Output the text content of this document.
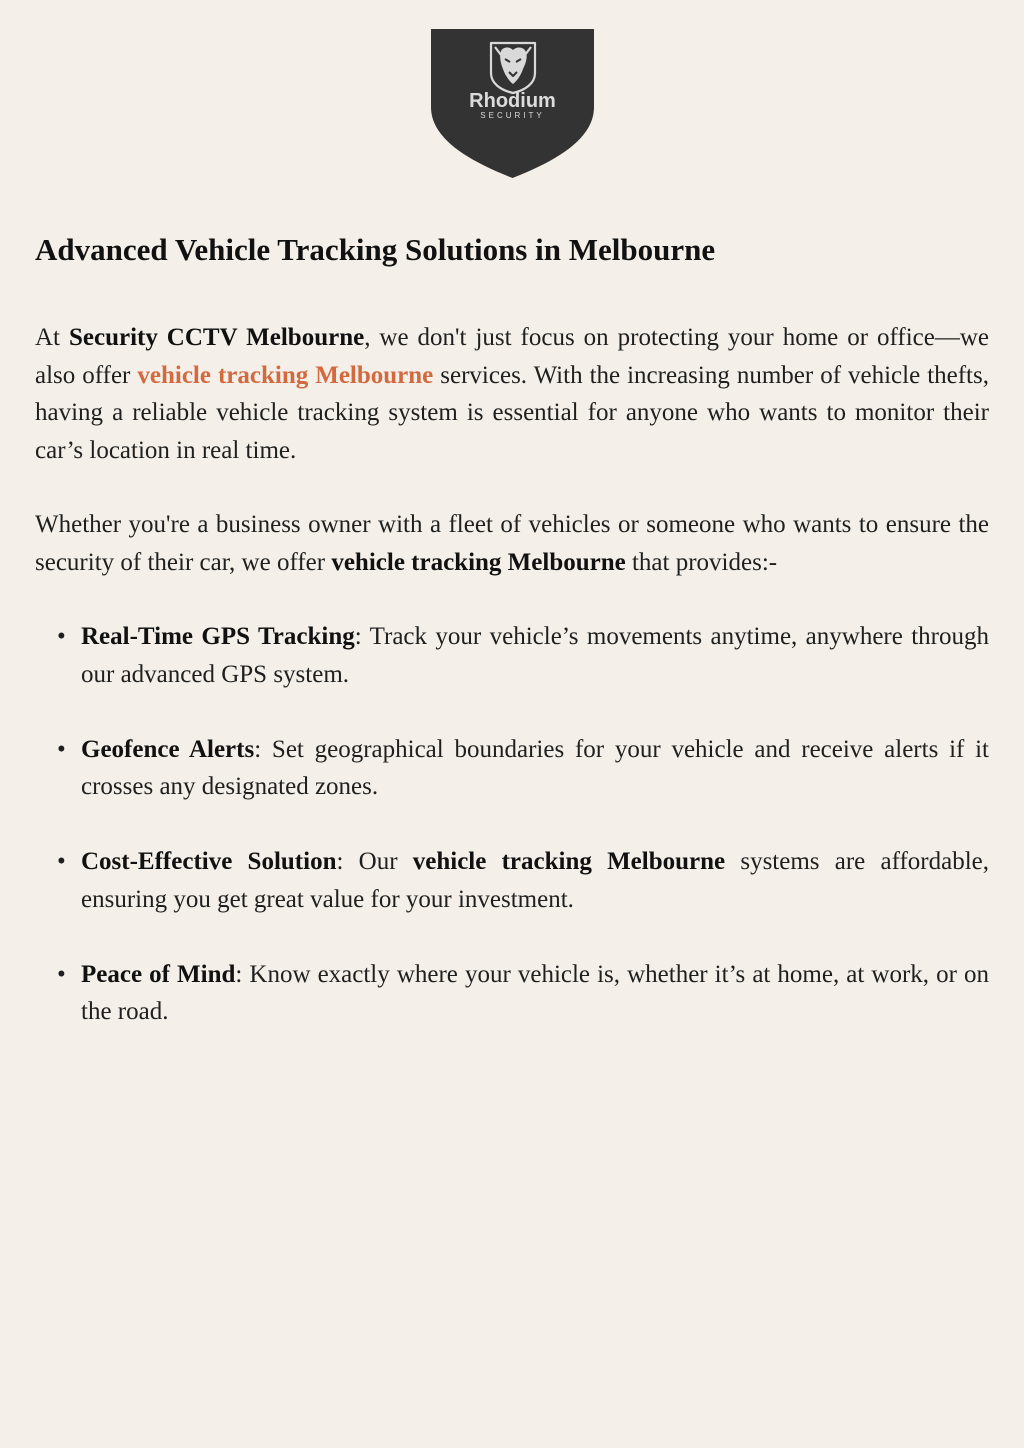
Rhodium
SECURITY
Advanced Vehicle Tracking Solutions in Melbourne

At Security CCTV Melbourne, we don't just focus on protecting your home or office—we also offer vehicle tracking Melbourne services. With the increasing number of vehicle thefts, having a reliable vehicle tracking system is essential for anyone who wants to monitor their car’s location in real time.

Whether you're a business owner with a fleet of vehicles or someone who wants to ensure the security of their car, we offer vehicle tracking Melbourne that provides:-

• Real-Time GPS Tracking: Track your vehicle’s movements anytime, anywhere through our advanced GPS system.
• Geofence Alerts: Set geographical boundaries for your vehicle and receive alerts if it crosses any designated zones.
• Cost-Effective Solution: Our vehicle tracking Melbourne systems are affordable, ensuring you get great value for your investment.
• Peace of Mind: Know exactly where your vehicle is, whether it’s at home, at work, or on the road.
